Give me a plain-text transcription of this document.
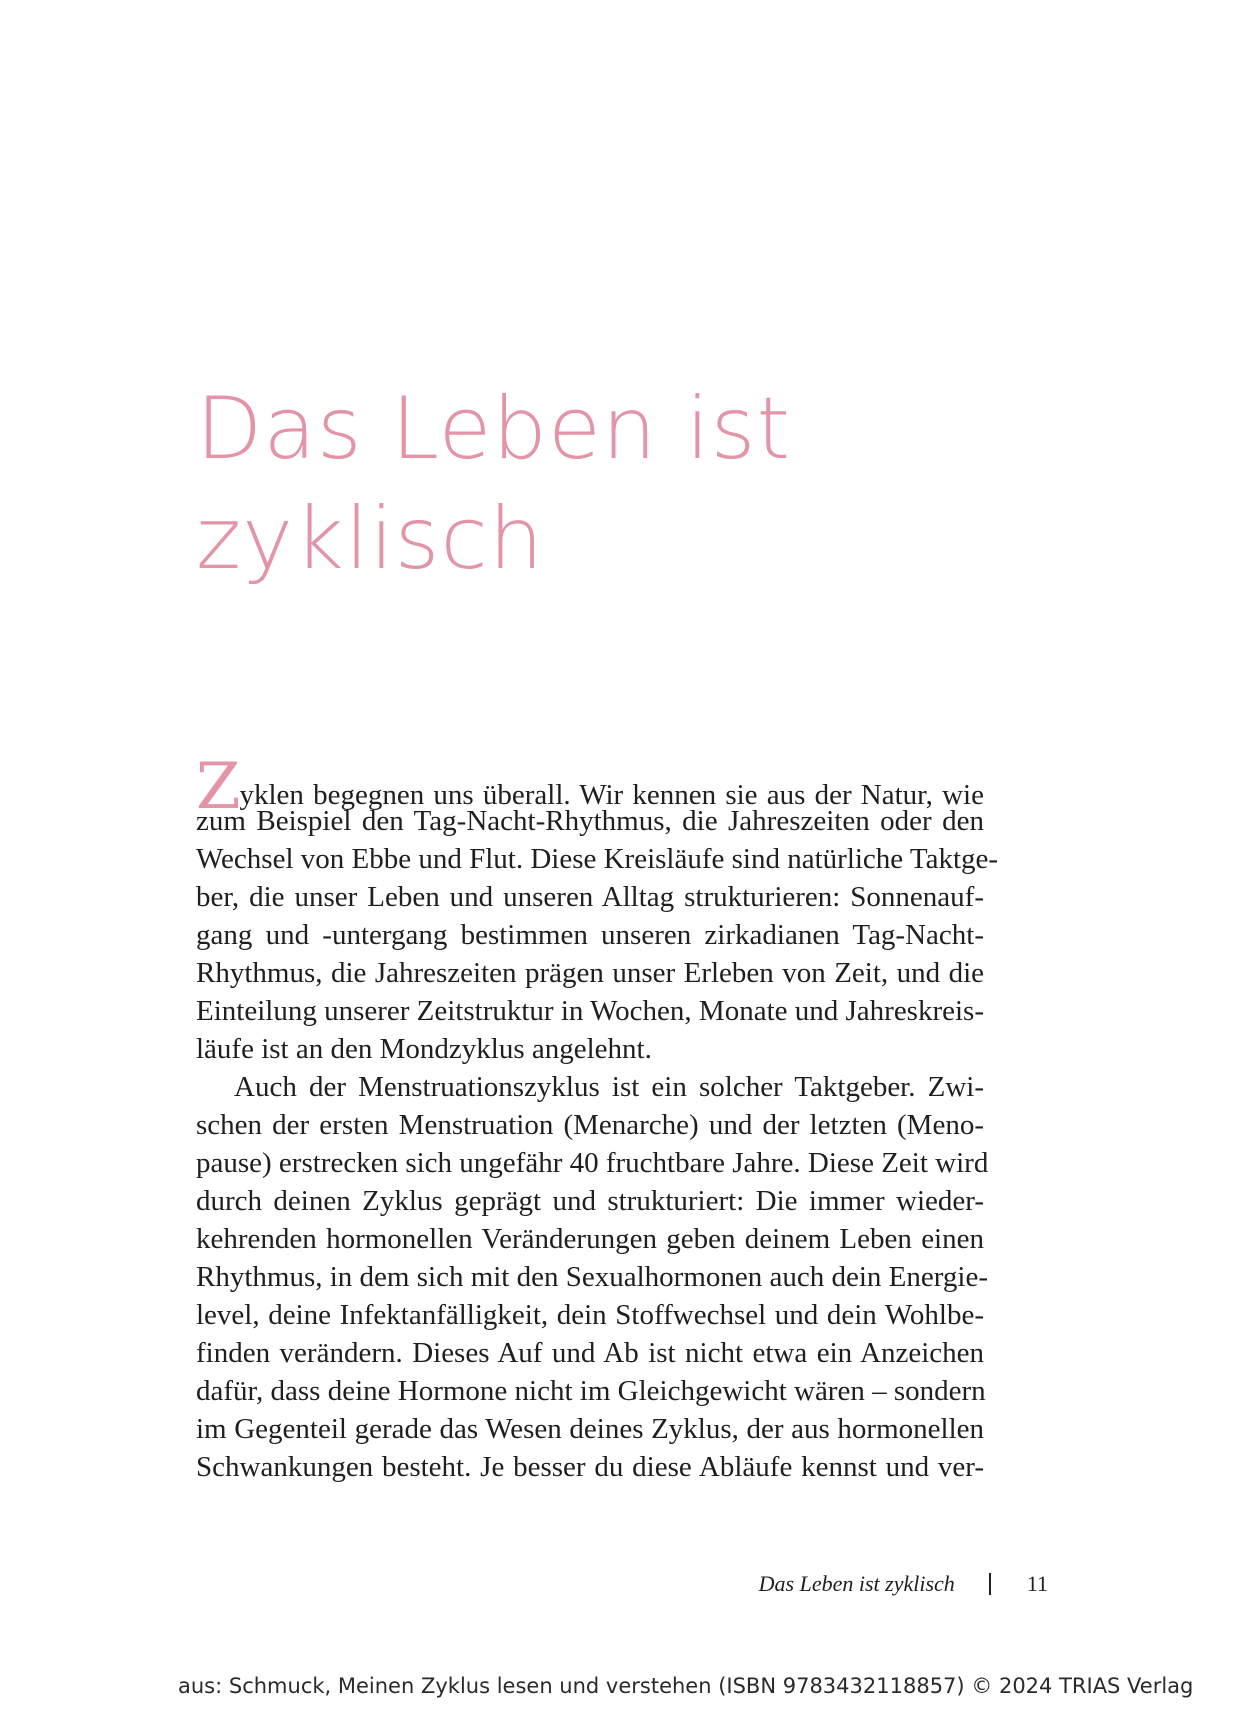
Das Leben ist
zyklisch
Zyklen begegnen uns überall. Wir kennen sie aus der Natur, wie
zum Beispiel den Tag-Nacht-Rhythmus, die Jahreszeiten oder den
Wechsel von Ebbe und Flut. Diese Kreisläufe sind natürliche Taktge-
ber, die unser Leben und unseren Alltag strukturieren: Sonnenauf-
gang und -untergang bestimmen unseren zirkadianen Tag-Nacht-
Rhythmus, die Jahreszeiten prägen unser Erleben von Zeit, und die
Einteilung unserer Zeitstruktur in Wochen, Monate und Jahreskreis-
läufe ist an den Mondzyklus angelehnt.
Auch der Menstruationszyklus ist ein solcher Taktgeber. Zwi-
schen der ersten Menstruation (Menarche) und der letzten (Meno-
pause) erstrecken sich ungefähr 40 fruchtbare Jahre. Diese Zeit wird
durch deinen Zyklus geprägt und strukturiert: Die immer wieder-
kehrenden hormonellen Veränderungen geben deinem Leben einen
Rhythmus, in dem sich mit den Sexualhormonen auch dein Energie-
level, deine Infektanfälligkeit, dein Stoffwechsel und dein Wohlbe-
finden verändern. Dieses Auf und Ab ist nicht etwa ein Anzeichen
dafür, dass deine Hormone nicht im Gleichgewicht wären – sondern
im Gegenteil gerade das Wesen deines Zyklus, der aus hormonellen
Schwankungen besteht. Je besser du diese Abläufe kennst und ver-
Das Leben ist zyklisch	11
aus: Schmuck, Meinen Zyklus lesen und verstehen (ISBN 9783432118857) © 2024 TRIAS Verlag
